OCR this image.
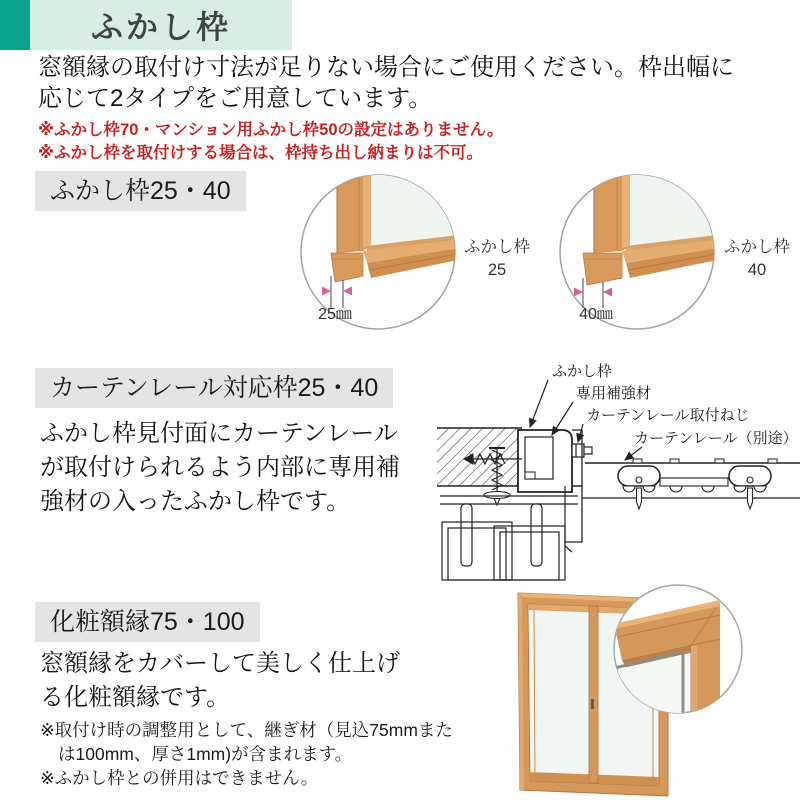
ふかし枠
窓額縁の取付け寸法が足りない場合にご使用ください。枠出幅に
応じて2タイプをご用意しています。
※ふかし枠70・マンション用ふかし枠50の設定はありません。
※ふかし枠を取付けする場合は、枠持ち出し納まりは不可。
ふかし枠25・40
25㎜
ふかし枠
25
40㎜
ふかし枠
40
カーテンレール対応枠25・40
ふかし枠見付面にカーテンレール
が取付けられるよう内部に専用補
強材の入ったふかし枠です。
ふかし枠
専用補強材
カーテンレール取付ねじ
カーテンレール（別途）
化粧額縁75・100
窓額縁をカバーして美しく仕上げ
る化粧額縁です。
※取付け時の調整用として、継ぎ材（見込75mmまたは100mm、厚さ1mm)が含まれます。
※ふかし枠との併用はできません。
